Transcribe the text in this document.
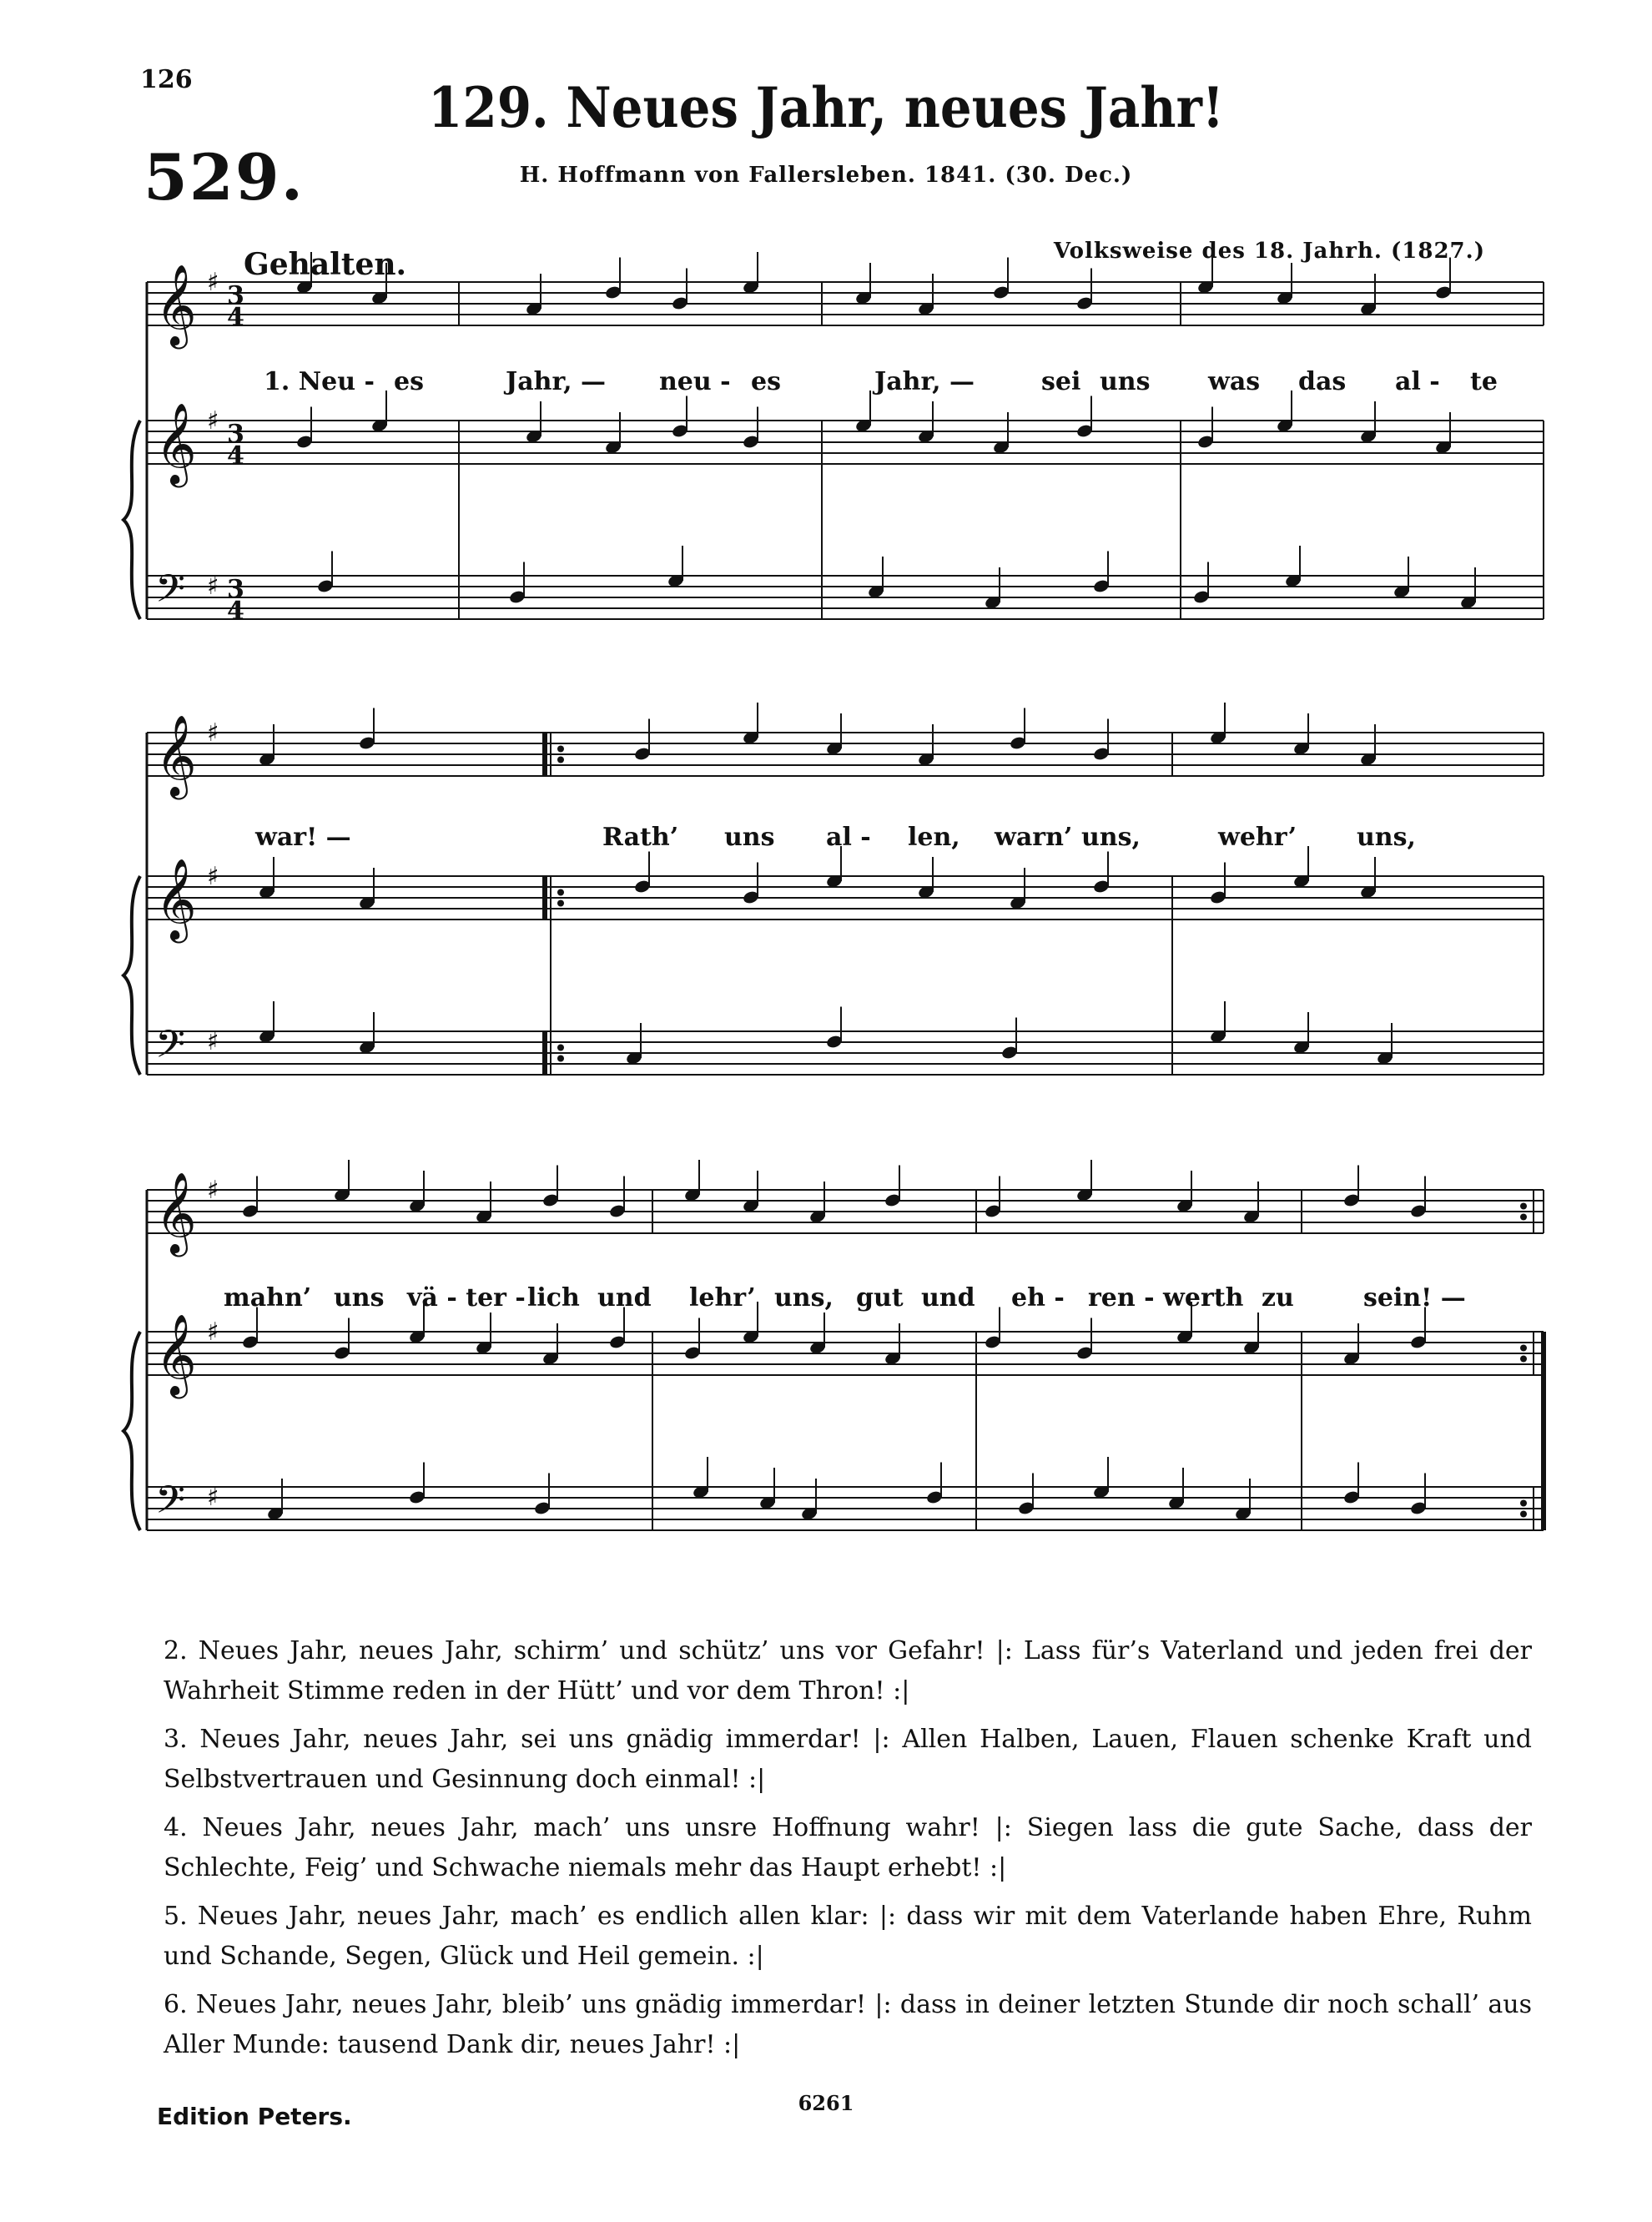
126
529.
129. Neues Jahr, neues Jahr!
H. Hoffmann von Fallersleben. 1841. (30. Dec.)
Volksweise des 18. Jahrh. (1827.)
Gehalten.
𝄞 ♯ 3
4
𝄞 ♯ 3
4
𝄢 ♯ 3
4
𝄞 ♯
𝄞 ♯
𝄢 ♯
𝄞 ♯
𝄞 ♯
𝄢 ♯
1. Neu - es	Jahr, — neu - es	Jahr, —	sei uns was das al - te
war! —	Rath’ uns al - len, warn’ uns,	wehr’ uns,
mahn’ uns vä - ter - lich und lehr’ uns, gut und eh - ren - werth zu	sein! —
2. Neues Jahr, neues Jahr, schirm’ und schütz’ uns vor Gefahr! |: Lass für’s Vaterland und jeden frei der Wahrheit Stimme reden in der Hütt’ und vor dem Thron! :|
3. Neues Jahr, neues Jahr, sei uns gnädig immerdar! |: Allen Halben, Lauen, Flauen schenke Kraft und Selbstvertrauen und Gesinnung doch einmal! :|
4. Neues Jahr, neues Jahr, mach’ uns unsre Hoffnung wahr! |: Siegen lass die gute Sache, dass der Schlechte, Feig’ und Schwache niemals mehr das Haupt erhebt! :|
5. Neues Jahr, neues Jahr, mach’ es endlich allen klar: |: dass wir mit dem Vaterlande haben Ehre, Ruhm und Schande, Segen, Glück und Heil gemein. :|
6. Neues Jahr, neues Jahr, bleib’ uns gnädig immerdar! |: dass in deiner letzten Stunde dir noch schall’ aus Aller Munde: tausend Dank dir, neues Jahr! :|
Edition Peters.	6261
